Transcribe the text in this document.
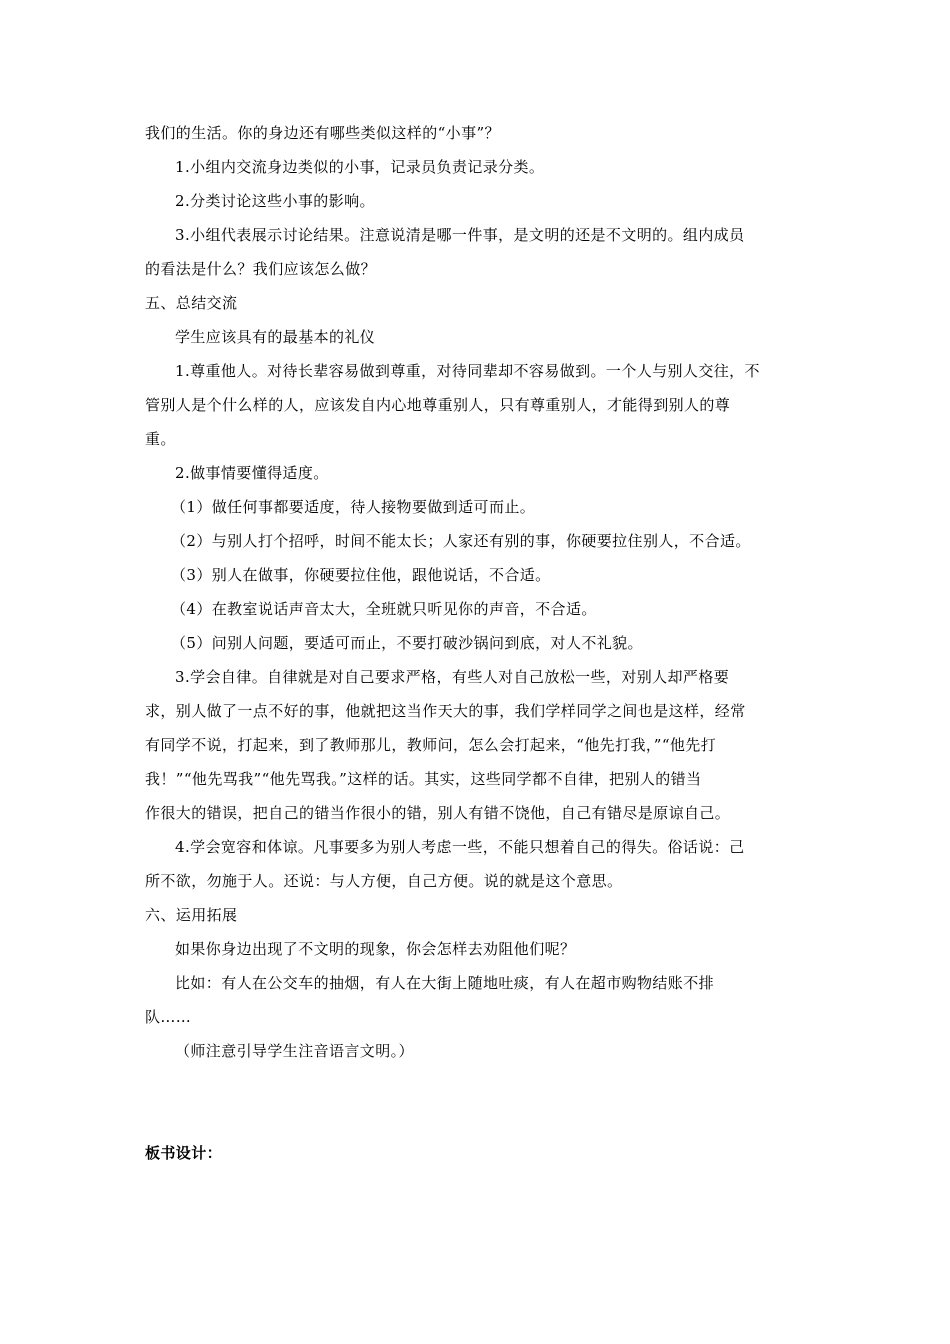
我们的生活。你的身边还有哪些类似这样的“小事”？
1.小组内交流身边类似的小事，记录员负责记录分类。
2.分类讨论这些小事的影响。
3.小组代表展示讨论结果。注意说清是哪一件事，是文明的还是不文明的。组内成员
的看法是什么？我们应该怎么做？
五、总结交流
学生应该具有的最基本的礼仪
1.尊重他人。对待长辈容易做到尊重，对待同辈却不容易做到。一个人与别人交往，不
管别人是个什么样的人，应该发自内心地尊重别人，只有尊重别人，才能得到别人的尊
重。
2.做事情要懂得适度。
（1）做任何事都要适度，待人接物要做到适可而止。
（2）与别人打个招呼，时间不能太长；人家还有别的事，你硬要拉住别人，不合适。
（3）别人在做事，你硬要拉住他，跟他说话，不合适。
（4）在教室说话声音太大，全班就只听见你的声音，不合适。
（5）问别人问题，要适可而止，不要打破沙锅问到底，对人不礼貌。
3.学会自律。自律就是对自己要求严格，有些人对自己放松一些，对别人却严格要
求，别人做了一点不好的事，他就把这当作天大的事，我们学样同学之间也是这样，经常
有同学不说，打起来，到了教师那儿，教师问，怎么会打起来，“他先打我，”“他先打
我！”“他先骂我”“他先骂我。”这样的话。其实，这些同学都不自律，把别人的错当
作很大的错误，把自己的错当作很小的错，别人有错不饶他，自己有错尽是原谅自己。
4.学会宽容和体谅。凡事要多为别人考虑一些，不能只想着自己的得失。俗话说：己
所不欲，勿施于人。还说：与人方便，自己方便。说的就是这个意思。
六、运用拓展
如果你身边出现了不文明的现象，你会怎样去劝阻他们呢？
比如：有人在公交车的抽烟，有人在大街上随地吐痰，有人在超市购物结账不排
队……
（师注意引导学生注音语言文明。）
板书设计：
